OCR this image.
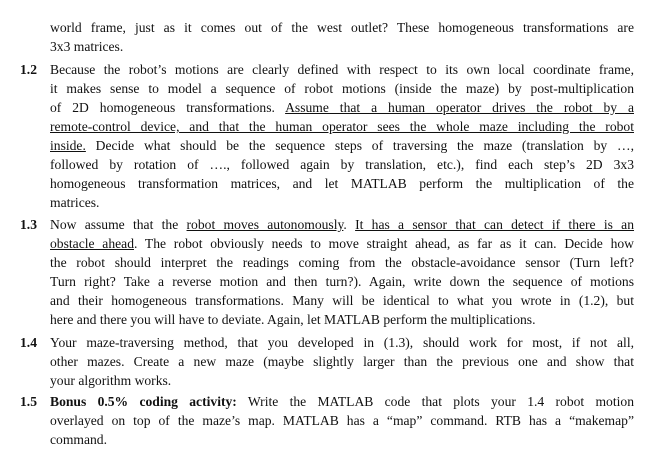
world frame, just as it comes out of the west outlet? These homogeneous transformations are
3x3 matrices.
1.2 Because the robot’s motions are clearly defined with respect to its own local coordinate frame,
it makes sense to model a sequence of robot motions (inside the maze) by post-multiplication
of 2D homogeneous transformations. Assume that a human operator drives the robot by a
remote-control device, and that the human operator sees the whole maze including the robot
inside. Decide what should be the sequence steps of traversing the maze (translation by …,
followed by rotation of …., followed again by translation, etc.), find each step’s 2D 3x3
homogeneous transformation matrices, and let MATLAB perform the multiplication of the
matrices.
1.3 Now assume that the robot moves autonomously. It has a sensor that can detect if there is an
obstacle ahead. The robot obviously needs to move straight ahead, as far as it can. Decide how
the robot should interpret the readings coming from the obstacle-avoidance sensor (Turn left?
Turn right? Take a reverse motion and then turn?). Again, write down the sequence of motions
and their homogeneous transformations. Many will be identical to what you wrote in (1.2), but
here and there you will have to deviate. Again, let MATLAB perform the multiplications.
1.4 Your maze-traversing method, that you developed in (1.3), should work for most, if not all,
other mazes. Create a new maze (maybe slightly larger than the previous one and show that
your algorithm works.
1.5 Bonus 0.5% coding activity: Write the MATLAB code that plots your 1.4 robot motion
overlayed on top of the maze’s map. MATLAB has a “map” command. RTB has a “makemap”
command.
